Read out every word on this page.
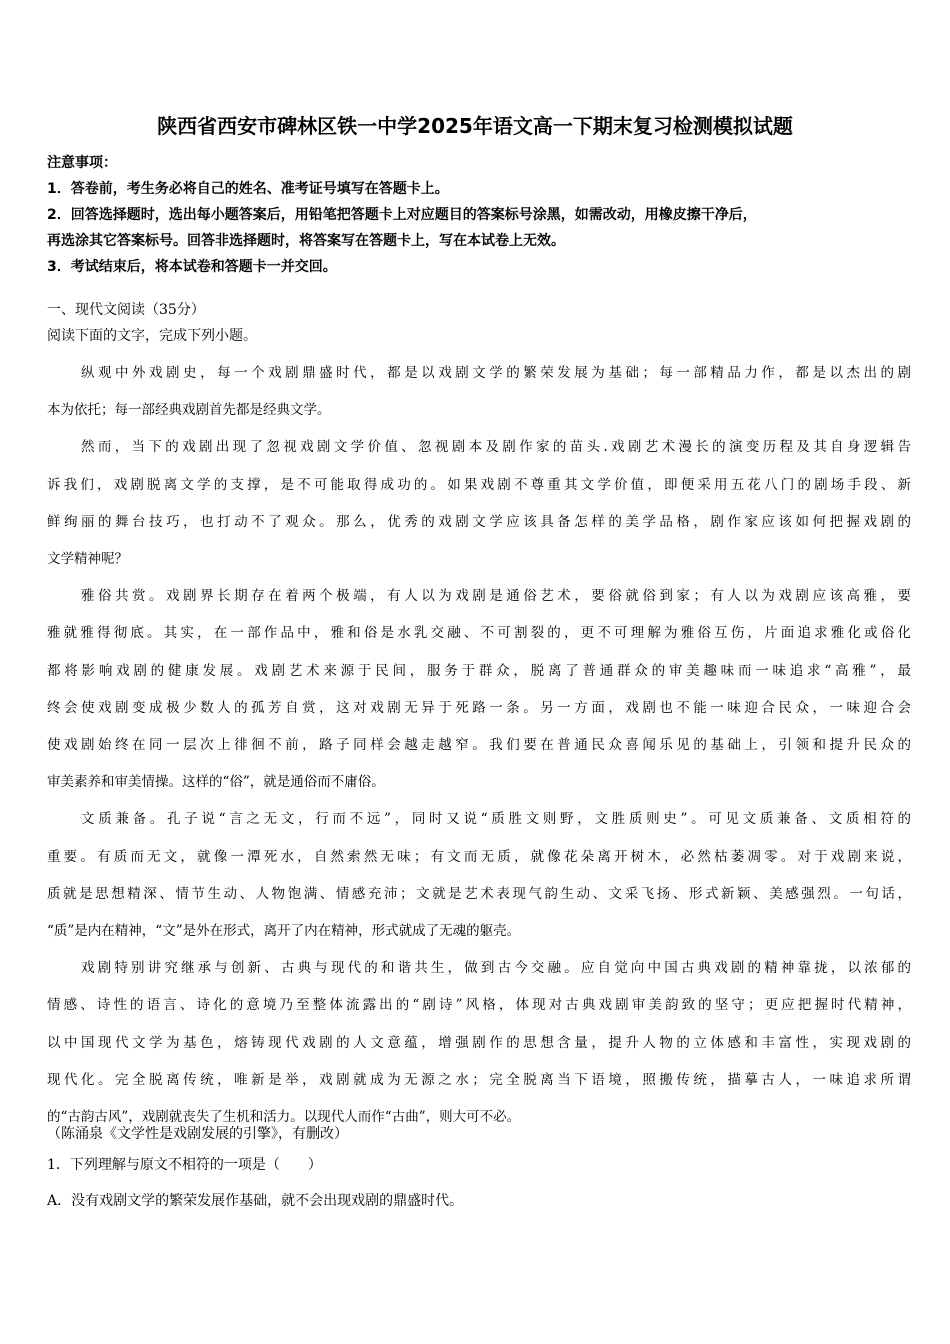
陕西省西安市碑林区铁一中学2025年语文高一下期末复习检测模拟试题
注意事项：
1．答卷前，考生务必将自己的姓名、准考证号填写在答题卡上。
2．回答选择题时，选出每小题答案后，用铅笔把答题卡上对应题目的答案标号涂黑，如需改动，用橡皮擦干净后，
再选涂其它答案标号。回答非选择题时，将答案写在答题卡上，写在本试卷上无效。
3．考试结束后，将本试卷和答题卡一并交回。
一、现代文阅读（35分）
阅读下面的文字，完成下列小题。
纵观中外戏剧史，每一个戏剧鼎盛时代，都是以戏剧文学的繁荣发展为基础；每一部精品力作，都是以杰出的剧
本为依托；每一部经典戏剧首先都是经典文学。
然而，当下的戏剧出现了忽视戏剧文学价值、忽视剧本及剧作家的苗头.戏剧艺术漫长的演变历程及其自身逻辑告
诉我们，戏剧脱离文学的支撑，是不可能取得成功的。如果戏剧不尊重其文学价值，即便采用五花八门的剧场手段、新
鲜绚丽的舞台技巧，也打动不了观众。那么，优秀的戏剧文学应该具备怎样的美学品格，剧作家应该如何把握戏剧的
文学精神呢？
雅俗共赏。戏剧界长期存在着两个极端，有人以为戏剧是通俗艺术，要俗就俗到家；有人以为戏剧应该高雅，要
雅就雅得彻底。其实，在一部作品中，雅和俗是水乳交融、不可割裂的，更不可理解为雅俗互伤，片面追求雅化或俗化
都将影响戏剧的健康发展。戏剧艺术来源于民间，服务于群众，脱离了普通群众的审美趣味而一味追求“高雅”，最
终会使戏剧变成极少数人的孤芳自赏，这对戏剧无异于死路一条。另一方面，戏剧也不能一味迎合民众，一味迎合会
使戏剧始终在同一层次上徘徊不前，路子同样会越走越窄。我们要在普通民众喜闻乐见的基础上，引领和提升民众的
审美素养和审美情操。这样的“俗”，就是通俗而不庸俗。
文质兼备。孔子说“言之无文，行而不远”，同时又说“质胜文则野，文胜质则史”。可见文质兼备、文质相符的
重要。有质而无文，就像一潭死水，自然索然无味；有文而无质，就像花朵离开树木，必然枯萎凋零。对于戏剧来说，
质就是思想精深、情节生动、人物饱满、情感充沛；文就是艺术表现气韵生动、文采飞扬、形式新颖、美感强烈。一句话，
“质”是内在精神，“文”是外在形式，离开了内在精神，形式就成了无魂的躯壳。
戏剧特别讲究继承与创新、古典与现代的和谐共生，做到古今交融。应自觉向中国古典戏剧的精神靠拢，以浓郁的
情感、诗性的语言、诗化的意境乃至整体流露出的“剧诗”风格，体现对古典戏剧审美韵致的坚守；更应把握时代精神，
以中国现代文学为基色，熔铸现代戏剧的人文意蕴，增强剧作的思想含量，提升人物的立体感和丰富性，实现戏剧的
现代化。完全脱离传统，唯新是举，戏剧就成为无源之水；完全脱离当下语境，照搬传统，描摹古人，一味追求所谓
的“古韵古风”，戏剧就丧失了生机和活力。以现代人而作“古曲”，则大可不必。
（陈涌泉《文学性是戏剧发展的引擎》，有删改）
1．下列理解与原文不相符的一项是（　　）
A．没有戏剧文学的繁荣发展作基础，就不会出现戏剧的鼎盛时代。
